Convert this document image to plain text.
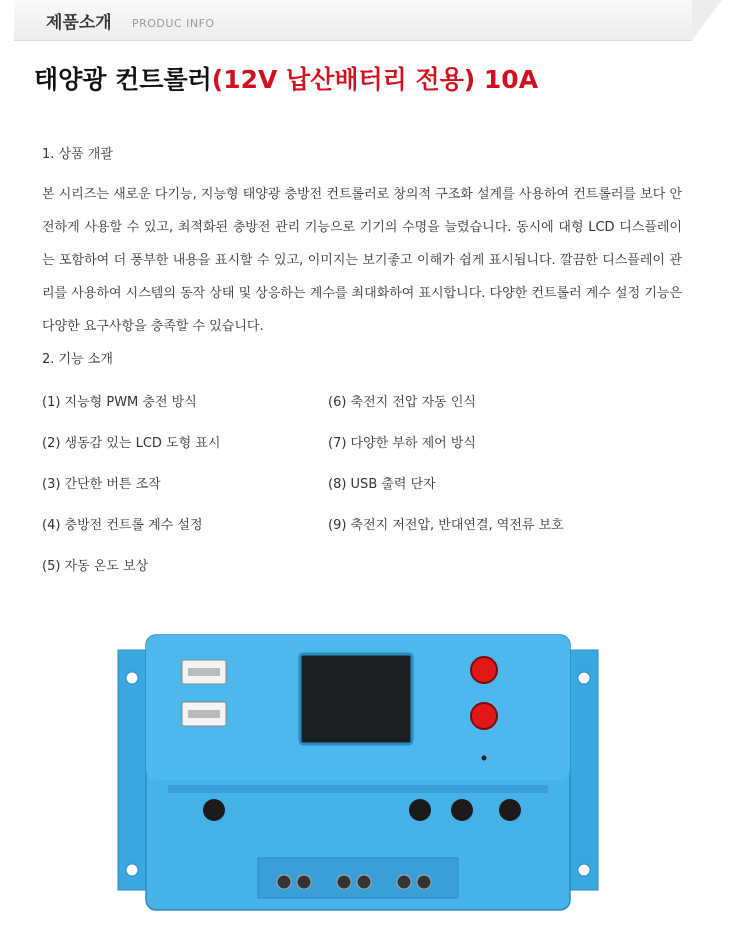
제품소개 PRODUC INFO
태양광 컨트롤러(12V 납산배터리 전용) 10A
1. 상품 개괄
본 시리즈는 새로운 다기능, 지능형 태양광 충방전 컨트롤러로 창의적 구조화 설계를 사용하여 컨트롤러를 보다 안전하게 사용할 수 있고, 최적화된 충방전 관리 기능으로 기기의 수명을 늘렸습니다. 동시에 대형 LCD 디스플레이는 포함하여 더 풍부한 내용을 표시할 수 있고, 이미지는 보기좋고 이해가 쉽게 표시됩니다. 깔끔한 디스플레이 관리를 사용하여 시스템의 동작 상태 및 상응하는 계수를 최대화하여 표시합니다. 다양한 컨트롤러 계수 설정 기능은 다양한 요구사항을 충족할 수 있습니다.
2. 기능 소개
(1) 지능형 PWM 충전 방식
(2) 생동감 있는 LCD 도형 표시
(3) 간단한 버튼 조작
(4) 충방전 컨트롤 계수 설정
(5) 자동 온도 보상
(6) 축전지 전압 자동 인식
(7) 다양한 부하 제어 방식
(8) USB 출력 단자
(9) 축전지 저전압, 반대연결, 역전류 보호
